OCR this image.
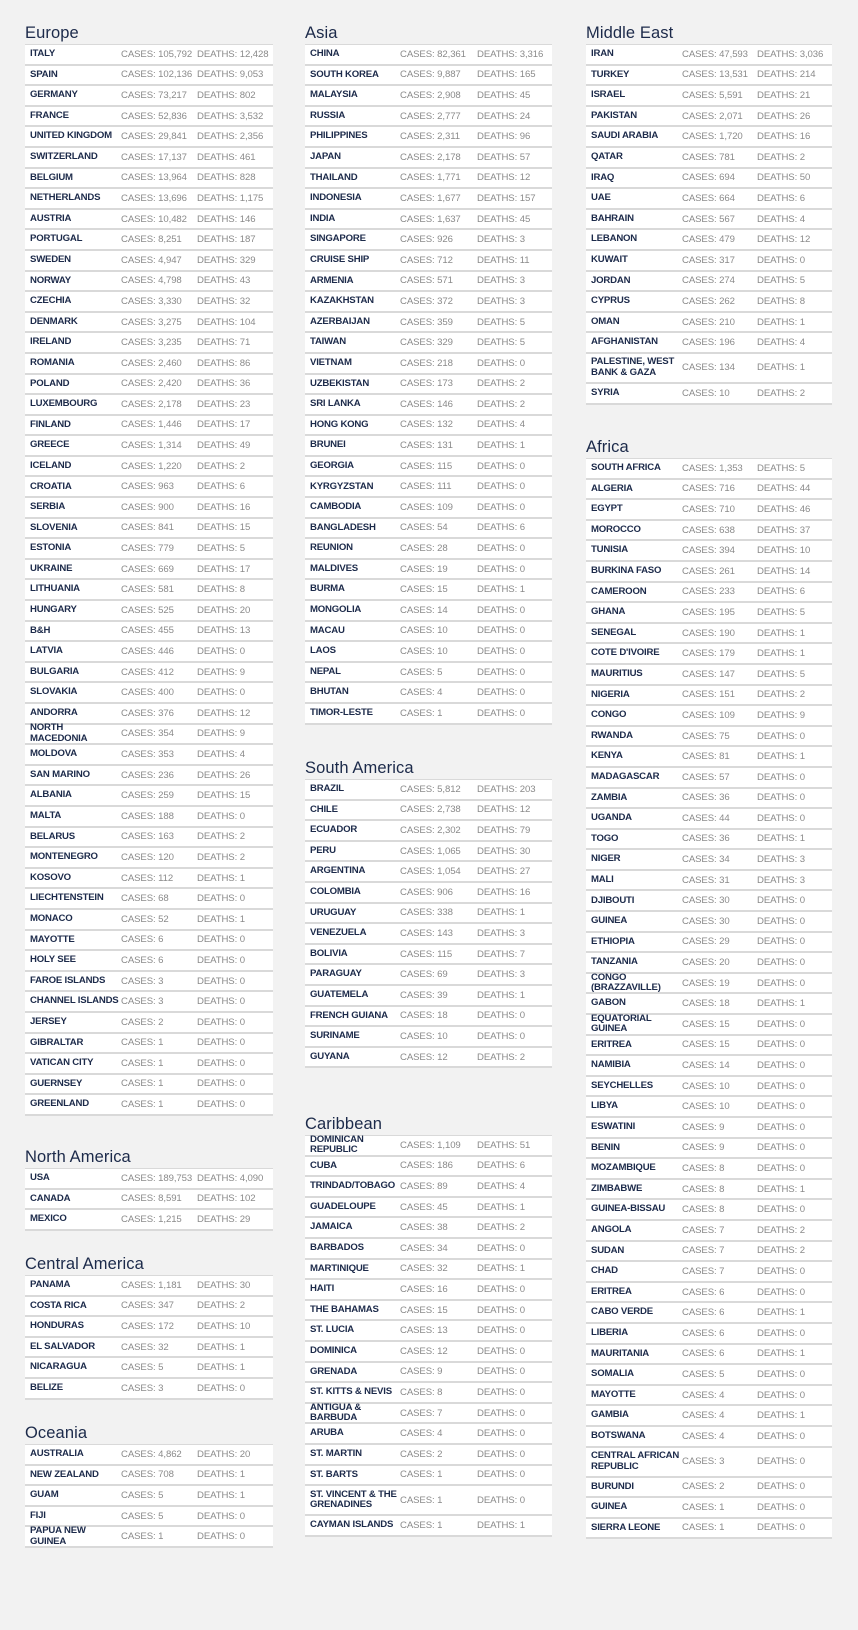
Europe
ITALY	CASES: 105,792 DEATHS: 12,428
SPAIN	CASES: 102,136 DEATHS: 9,053
GERMANY	CASES: 73,217	DEATHS: 802
FRANCE	CASES: 52,836	DEATHS: 3,532
UNITED KINGDOM CASES: 29,841	DEATHS: 2,356
SWITZERLAND	CASES: 17,137	DEATHS: 461
BELGIUM	CASES: 13,964	DEATHS: 828
NETHERLANDS	CASES: 13,696	DEATHS: 1,175
AUSTRIA	CASES: 10,482	DEATHS: 146
PORTUGAL	CASES: 8,251	DEATHS: 187
SWEDEN	CASES: 4,947	DEATHS: 329
NORWAY	CASES: 4,798	DEATHS: 43
CZECHIA	CASES: 3,330	DEATHS: 32
DENMARK	CASES: 3,275	DEATHS: 104
IRELAND	CASES: 3,235	DEATHS: 71
ROMANIA	CASES: 2,460	DEATHS: 86
POLAND	CASES: 2,420	DEATHS: 36
LUXEMBOURG	CASES: 2,178	DEATHS: 23
FINLAND	CASES: 1,446	DEATHS: 17
GREECE	CASES: 1,314	DEATHS: 49
ICELAND	CASES: 1,220	DEATHS: 2
CROATIA	CASES: 963	DEATHS: 6
SERBIA	CASES: 900	DEATHS: 16
SLOVENIA	CASES: 841	DEATHS: 15
ESTONIA	CASES: 779	DEATHS: 5
UKRAINE	CASES: 669	DEATHS: 17
LITHUANIA	CASES: 581	DEATHS: 8
HUNGARY	CASES: 525	DEATHS: 20
B&H	CASES: 455	DEATHS: 13
LATVIA	CASES: 446	DEATHS: 0
BULGARIA	CASES: 412	DEATHS: 9
SLOVAKIA	CASES: 400	DEATHS: 0
ANDORRA	CASES: 376	DEATHS: 12
NORTH MACEDONIA	CASES: 354	DEATHS: 9
MOLDOVA	CASES: 353	DEATHS: 4
SAN MARINO	CASES: 236	DEATHS: 26
ALBANIA	CASES: 259	DEATHS: 15
MALTA	CASES: 188	DEATHS: 0
BELARUS	CASES: 163	DEATHS: 2
MONTENEGRO	CASES: 120	DEATHS: 2
KOSOVO	CASES: 112	DEATHS: 1
LIECHTENSTEIN	CASES: 68	DEATHS: 0
MONACO	CASES: 52	DEATHS: 1
MAYOTTE	CASES: 6	DEATHS: 0
HOLY SEE	CASES: 6	DEATHS: 0
FAROE ISLANDS	CASES: 3	DEATHS: 0
CHANNEL ISLANDS CASES: 3	DEATHS: 0
JERSEY	CASES: 2	DEATHS: 0
GIBRALTAR	CASES: 1	DEATHS: 0
VATICAN CITY	CASES: 1	DEATHS: 0
GUERNSEY	CASES: 1	DEATHS: 0
GREENLAND	CASES: 1	DEATHS: 0
North America
USA	CASES: 189,753 DEATHS: 4,090
CANADA	CASES: 8,591	DEATHS: 102
MEXICO	CASES: 1,215	DEATHS: 29
Central America
PANAMA	CASES: 1,181	DEATHS: 30
COSTA RICA	CASES: 347	DEATHS: 2
HONDURAS	CASES: 172	DEATHS: 10
EL SALVADOR	CASES: 32	DEATHS: 1
NICARAGUA	CASES: 5	DEATHS: 1
BELIZE	CASES: 3	DEATHS: 0
Oceania
AUSTRALIA	CASES: 4,862	DEATHS: 20
NEW ZEALAND	CASES: 708	DEATHS: 1
GUAM	CASES: 5	DEATHS: 1
FIJI	CASES: 5	DEATHS: 0
PAPUA NEW GUINEA	CASES: 1	DEATHS: 0
Asia
CHINA	CASES: 82,361	DEATHS: 3,316
SOUTH KOREA	CASES: 9,887	DEATHS: 165
MALAYSIA	CASES: 2,908	DEATHS: 45
RUSSIA	CASES: 2,777	DEATHS: 24
PHILIPPINES	CASES: 2,311	DEATHS: 96
JAPAN	CASES: 2,178	DEATHS: 57
THAILAND	CASES: 1,771	DEATHS: 12
INDONESIA	CASES: 1,677	DEATHS: 157
INDIA	CASES: 1,637	DEATHS: 45
SINGAPORE	CASES: 926	DEATHS: 3
CRUISE SHIP	CASES: 712	DEATHS: 11
ARMENIA	CASES: 571	DEATHS: 3
KAZAKHSTAN	CASES: 372	DEATHS: 3
AZERBAIJAN	CASES: 359	DEATHS: 5
TAIWAN	CASES: 329	DEATHS: 5
VIETNAM	CASES: 218	DEATHS: 0
UZBEKISTAN	CASES: 173	DEATHS: 2
SRI LANKA	CASES: 146	DEATHS: 2
HONG KONG	CASES: 132	DEATHS: 4
BRUNEI	CASES: 131	DEATHS: 1
GEORGIA	CASES: 115	DEATHS: 0
KYRGYZSTAN	CASES: 111	DEATHS: 0
CAMBODIA	CASES: 109	DEATHS: 0
BANGLADESH	CASES: 54	DEATHS: 6
REUNION	CASES: 28	DEATHS: 0
MALDIVES	CASES: 19	DEATHS: 0
BURMA	CASES: 15	DEATHS: 1
MONGOLIA	CASES: 14	DEATHS: 0
MACAU	CASES: 10	DEATHS: 0
LAOS	CASES: 10	DEATHS: 0
NEPAL	CASES: 5	DEATHS: 0
BHUTAN	CASES: 4	DEATHS: 0
TIMOR-LESTE	CASES: 1	DEATHS: 0
South America
BRAZIL	CASES: 5,812	DEATHS: 203
CHILE	CASES: 2,738	DEATHS: 12
ECUADOR	CASES: 2,302	DEATHS: 79
PERU	CASES: 1,065	DEATHS: 30
ARGENTINA	CASES: 1,054	DEATHS: 27
COLOMBIA	CASES: 906	DEATHS: 16
URUGUAY	CASES: 338	DEATHS: 1
VENEZUELA	CASES: 143	DEATHS: 3
BOLIVIA	CASES: 115	DEATHS: 7
PARAGUAY	CASES: 69	DEATHS: 3
GUATEMELA	CASES: 39	DEATHS: 1
FRENCH GUIANA	CASES: 18	DEATHS: 0
SURINAME	CASES: 10	DEATHS: 0
GUYANA	CASES: 12	DEATHS: 2
Caribbean
DOMINICAN REPUBLIC	CASES: 1,109	DEATHS: 51
CUBA	CASES: 186	DEATHS: 6
TRINDAD/TOBAGO CASES: 89	DEATHS: 4
GUADELOUPE	CASES: 45	DEATHS: 1
JAMAICA	CASES: 38	DEATHS: 2
BARBADOS	CASES: 34	DEATHS: 0
MARTINIQUE	CASES: 32	DEATHS: 1
HAITI	CASES: 16	DEATHS: 0
THE BAHAMAS	CASES: 15	DEATHS: 0
ST. LUCIA	CASES: 13	DEATHS: 0
DOMINICA	CASES: 12	DEATHS: 0
GRENADA	CASES: 9	DEATHS: 0
ST. KITTS & NEVIS CASES: 8	DEATHS: 0
ANTIGUA & BARBUDA	CASES: 7	DEATHS: 0
ARUBA	CASES: 4	DEATHS: 0
ST. MARTIN	CASES: 2	DEATHS: 0
ST. BARTS	CASES: 1	DEATHS: 0
ST. VINCENT & THE GRENADINES	CASES: 1	DEATHS: 0
CAYMAN ISLANDS CASES: 1	DEATHS: 1
Middle East
IRAN	CASES: 47,593 DEATHS: 3,036
TURKEY	CASES: 13,531 DEATHS: 214
ISRAEL	CASES: 5,591	DEATHS: 21
PAKISTAN	CASES: 2,071	DEATHS: 26
SAUDI ARABIA	CASES: 1,720	DEATHS: 16
QATAR	CASES: 781	DEATHS: 2
IRAQ	CASES: 694	DEATHS: 50
UAE	CASES: 664	DEATHS: 6
BAHRAIN	CASES: 567	DEATHS: 4
LEBANON	CASES: 479	DEATHS: 12
KUWAIT	CASES: 317	DEATHS: 0
JORDAN	CASES: 274	DEATHS: 5
CYPRUS	CASES: 262	DEATHS: 8
OMAN	CASES: 210	DEATHS: 1
AFGHANISTAN	CASES: 196	DEATHS: 4
PALESTINE, WEST BANK & GAZA	CASES: 134	DEATHS: 1
SYRIA	CASES: 10	DEATHS: 2
Africa
SOUTH AFRICA	CASES: 1,353	DEATHS: 5
ALGERIA	CASES: 716	DEATHS: 44
EGYPT	CASES: 710	DEATHS: 46
MOROCCO	CASES: 638	DEATHS: 37
TUNISIA	CASES: 394	DEATHS: 10
BURKINA FASO	CASES: 261	DEATHS: 14
CAMEROON	CASES: 233	DEATHS: 6
GHANA	CASES: 195	DEATHS: 5
SENEGAL	CASES: 190	DEATHS: 1
COTE D'IVOIRE	CASES: 179	DEATHS: 1
MAURITIUS	CASES: 147	DEATHS: 5
NIGERIA	CASES: 151	DEATHS: 2
CONGO	CASES: 109	DEATHS: 9
RWANDA	CASES: 75	DEATHS: 0
KENYA	CASES: 81	DEATHS: 1
MADAGASCAR	CASES: 57	DEATHS: 0
ZAMBIA	CASES: 36	DEATHS: 0
UGANDA	CASES: 44	DEATHS: 0
TOGO	CASES: 36	DEATHS: 1
NIGER	CASES: 34	DEATHS: 3
MALI	CASES: 31	DEATHS: 3
DJIBOUTI	CASES: 30	DEATHS: 0
GUINEA	CASES: 30	DEATHS: 0
ETHIOPIA	CASES: 29	DEATHS: 0
TANZANIA	CASES: 20	DEATHS: 0
CONGO (BRAZZAVILLE)	CASES: 19	DEATHS: 0
GABON	CASES: 18	DEATHS: 1
EQUATORIAL GUINEA	CASES: 15	DEATHS: 0
ERITREA	CASES: 15	DEATHS: 0
NAMIBIA	CASES: 14	DEATHS: 0
SEYCHELLES	CASES: 10	DEATHS: 0
LIBYA	CASES: 10	DEATHS: 0
ESWATINI	CASES: 9	DEATHS: 0
BENIN	CASES: 9	DEATHS: 0
MOZAMBIQUE	CASES: 8	DEATHS: 0
ZIMBABWE	CASES: 8	DEATHS: 1
GUINEA-BISSAU	CASES: 8	DEATHS: 0
ANGOLA	CASES: 7	DEATHS: 2
SUDAN	CASES: 7	DEATHS: 2
CHAD	CASES: 7	DEATHS: 0
ERITREA	CASES: 6	DEATHS: 0
CABO VERDE	CASES: 6	DEATHS: 1
LIBERIA	CASES: 6	DEATHS: 0
MAURITANIA	CASES: 6	DEATHS: 1
SOMALIA	CASES: 5	DEATHS: 0
MAYOTTE	CASES: 4	DEATHS: 0
GAMBIA	CASES: 4	DEATHS: 1
BOTSWANA	CASES: 4	DEATHS: 0
CENTRAL AFRICAN REPUBLIC	CASES: 3	DEATHS: 0
BURUNDI	CASES: 2	DEATHS: 0
GUINEA	CASES: 1	DEATHS: 0
SIERRA LEONE	CASES: 1	DEATHS: 0
